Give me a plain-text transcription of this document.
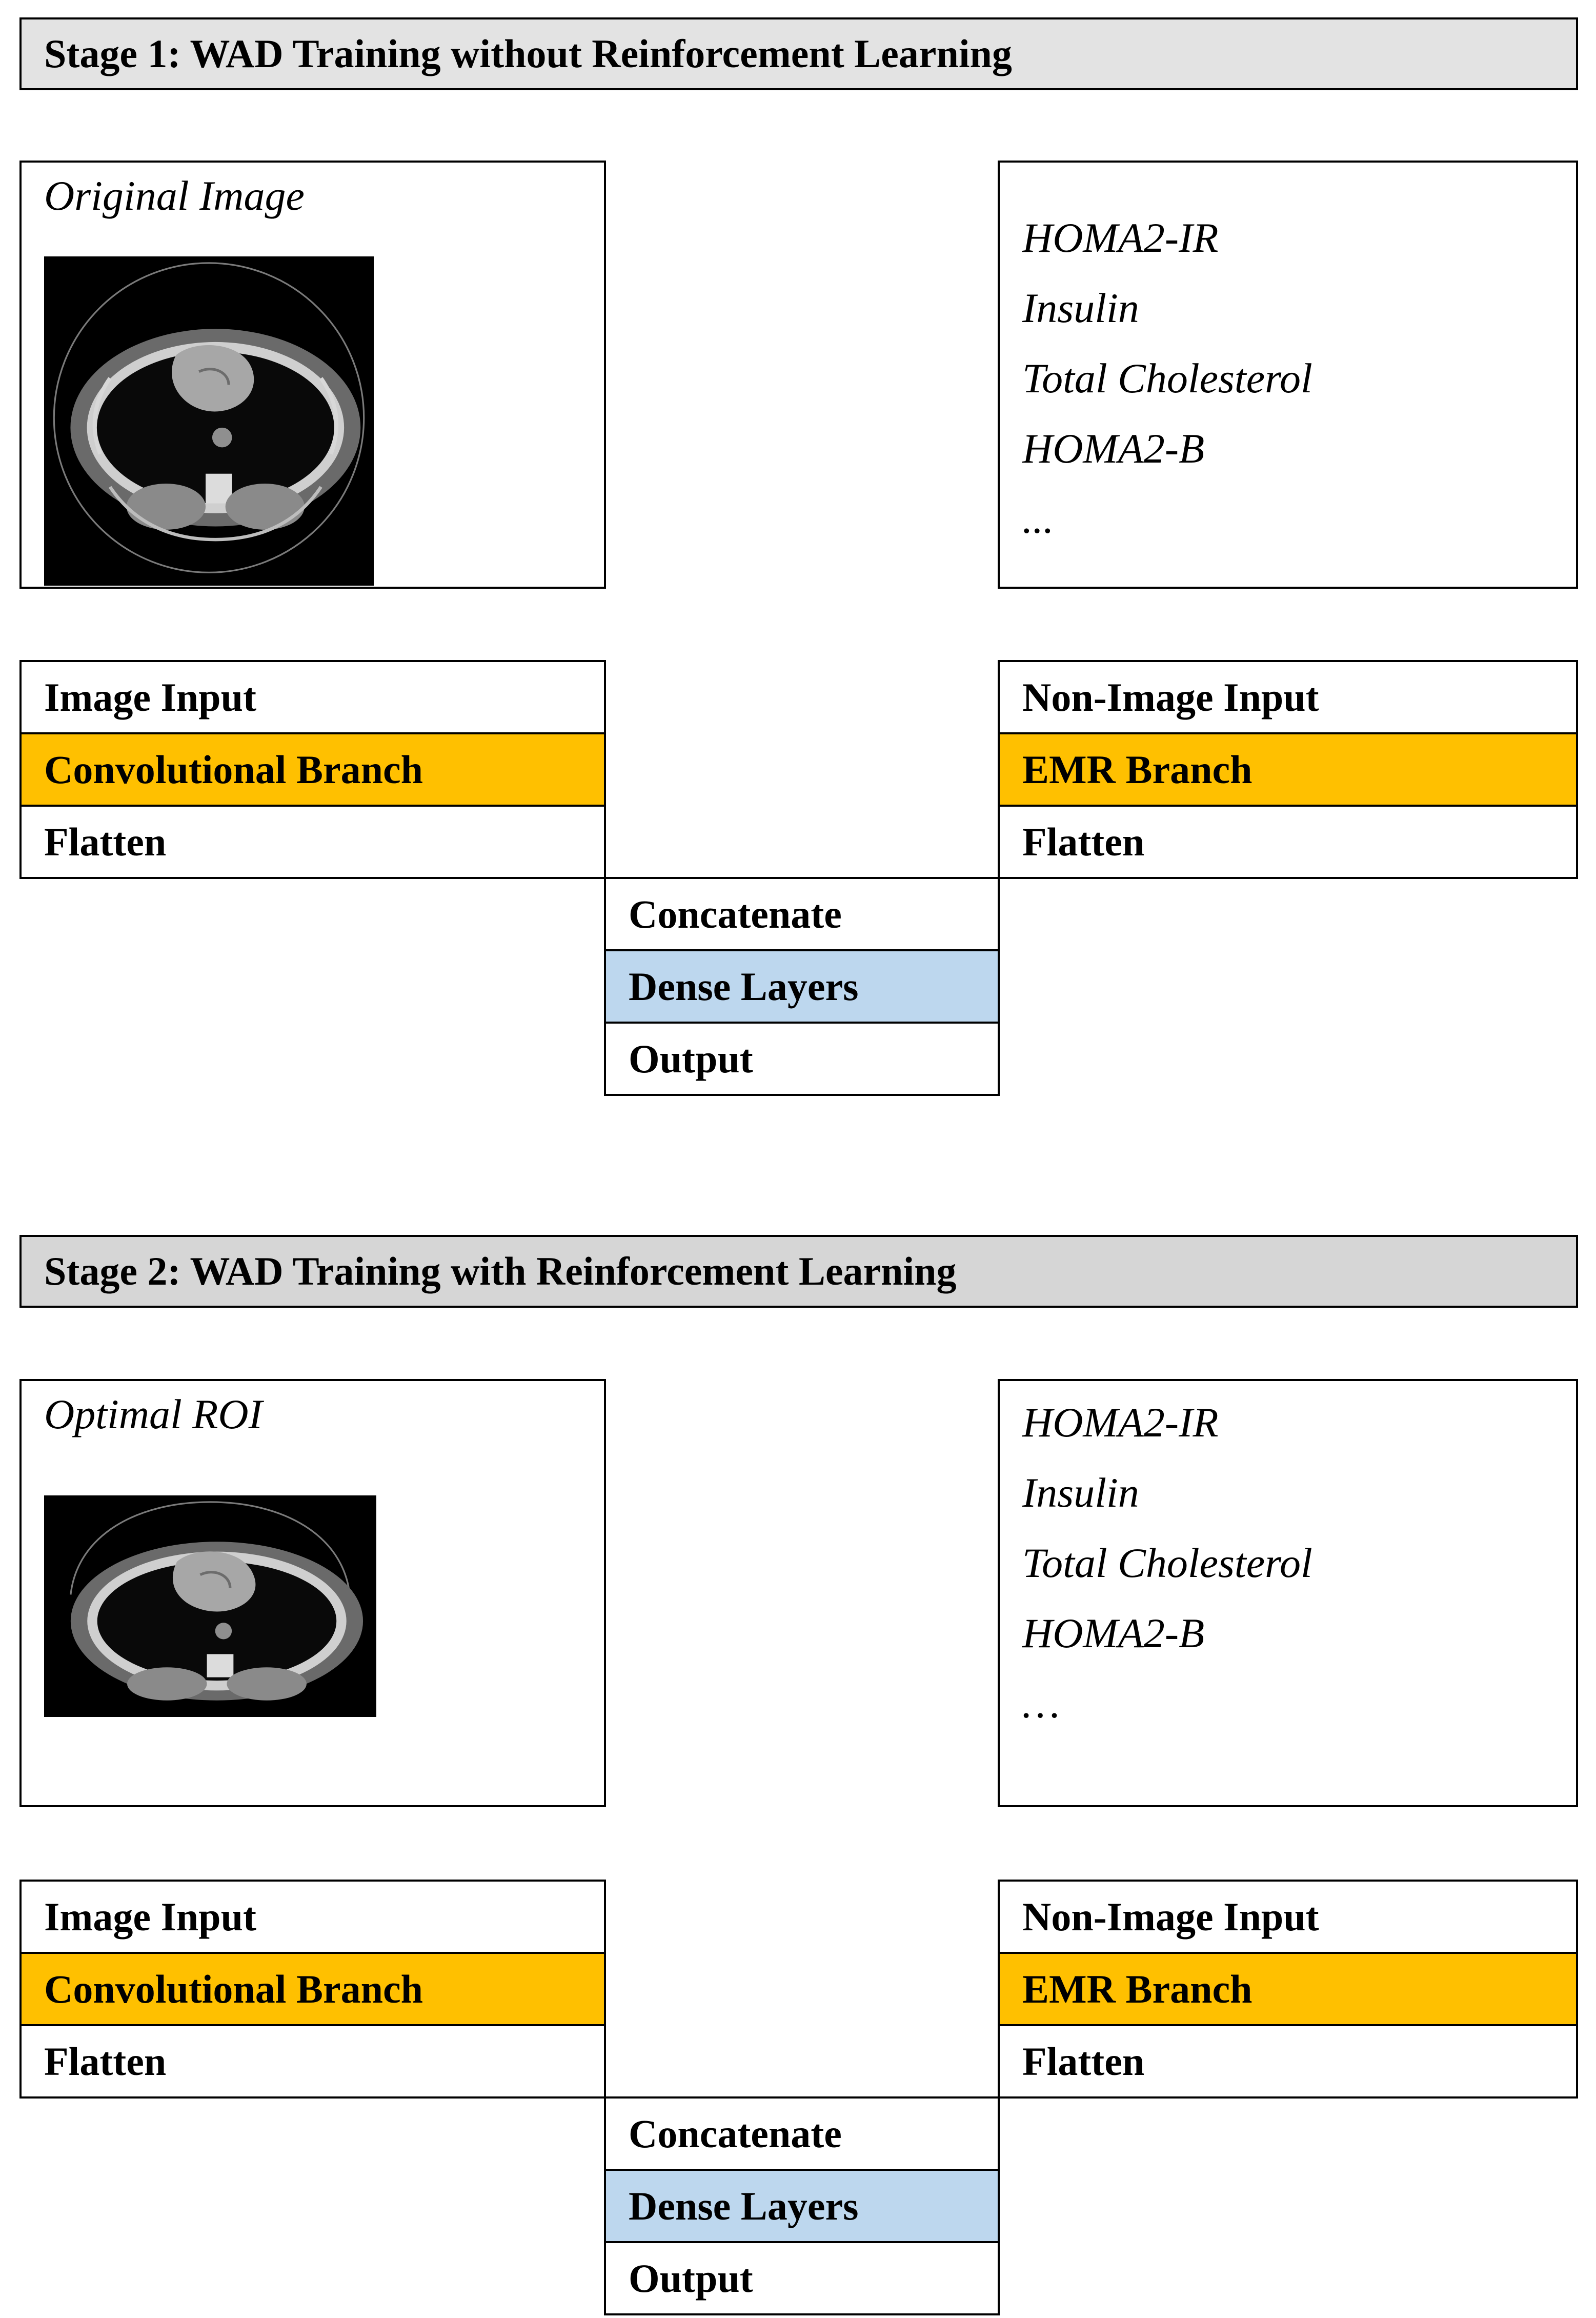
Stage 1: WAD Training without Reinforcement Learning
Original Image
HOMA2-IR
Insulin
Total Cholesterol
HOMA2-B
...
Image Input
Convolutional Branch
Flatten
Non-Image Input
EMR Branch
Flatten
Concatenate
Dense Layers
Output
Stage 2: WAD Training with Reinforcement Learning
Optimal ROI	HOMA2-IR
Insulin
Total Cholesterol
HOMA2-B
…
Image Input
Convolutional Branch
Flatten
Non-Image Input
EMR Branch
Flatten
Concatenate
Dense Layers
Output
